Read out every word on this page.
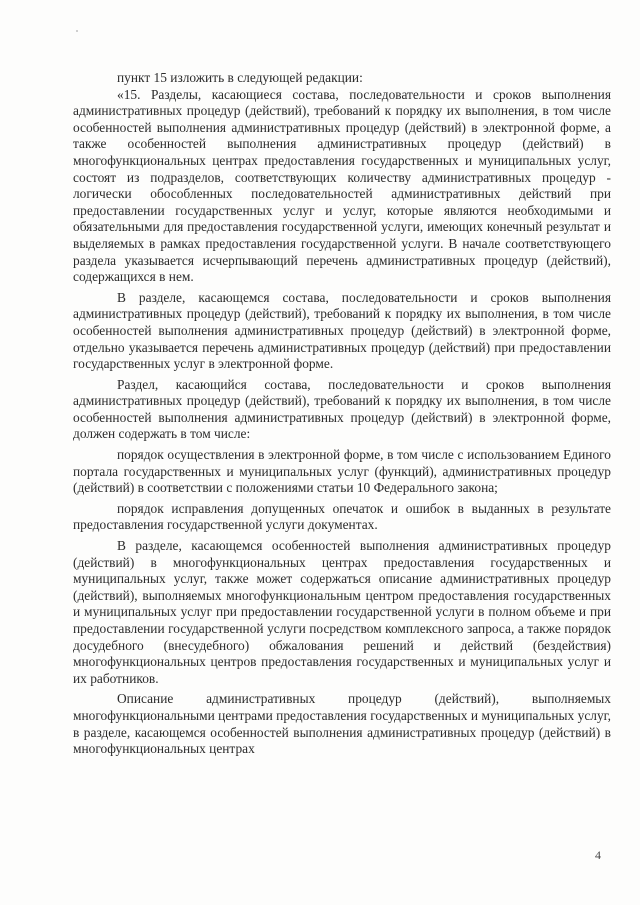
пункт 15 изложить в следующей редакции:

«15. Разделы, касающиеся состава, последовательности и сроков выполнения административных процедур (действий), требований к порядку их выполнения, в том числе особенностей выполнения административных процедур (действий) в электронной форме, а также особенностей выполнения административных процедур (действий) в многофункциональных центрах предоставления государственных и муниципальных услуг, состоят из подразделов, соответствующих количеству административных процедур - логически обособленных последовательностей административных действий при предоставлении государственных услуг и услуг, которые являются необходимыми и обязательными для предоставления государственной услуги, имеющих конечный результат и выделяемых в рамках предоставления государственной услуги. В начале соответствующего раздела указывается исчерпывающий перечень административных процедур (действий), содержащихся в нем.

В разделе, касающемся состава, последовательности и сроков выполнения административных процедур (действий), требований к порядку их выполнения, в том числе особенностей выполнения административных процедур (действий) в электронной форме, отдельно указывается перечень административных процедур (действий) при предоставлении государственных услуг в электронной форме.

Раздел, касающийся состава, последовательности и сроков выполнения административных процедур (действий), требований к порядку их выполнения, в том числе особенностей выполнения административных процедур (действий) в электронной форме, должен содержать в том числе:

порядок осуществления в электронной форме, в том числе с использованием Единого портала государственных и муниципальных услуг (функций), административных процедур (действий) в соответствии с положениями статьи 10 Федерального закона;

порядок исправления допущенных опечаток и ошибок в выданных в результате предоставления государственной услуги документах.

В разделе, касающемся особенностей выполнения административных процедур (действий) в многофункциональных центрах предоставления государственных и муниципальных услуг, также может содержаться описание административных процедур (действий), выполняемых многофункциональным центром предоставления государственных и муниципальных услуг при предоставлении государственной услуги в полном объеме и при предоставлении государственной услуги посредством комплексного запроса, а также порядок досудебного (внесудебного) обжалования решений и действий (бездействия) многофункциональных центров предоставления государственных и муниципальных услуг и их работников.

Описание административных процедур (действий), выполняемых многофункциональными центрами предоставления государственных и муниципальных услуг, в разделе, касающемся особенностей выполнения административных процедур (действий) в многофункциональных центрах

4
